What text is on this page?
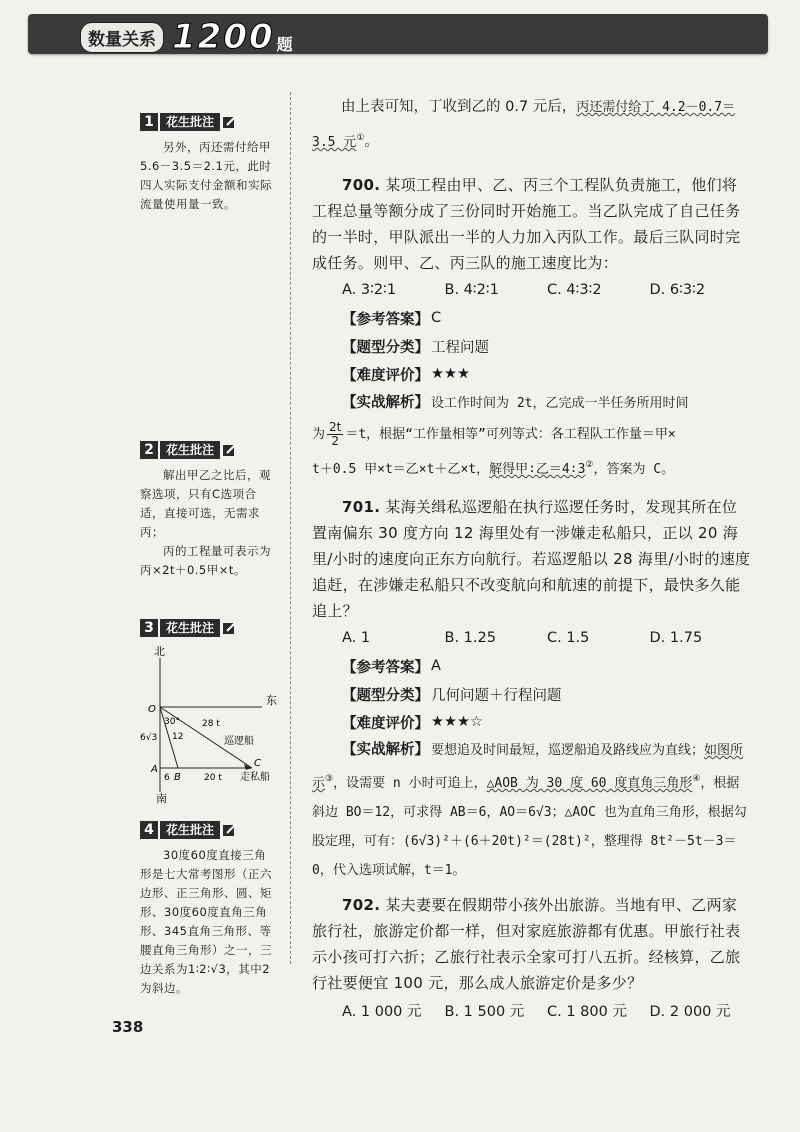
数量关系 1200 题
1	花生批注

另外，丙还需付给甲5.6－3.5＝2.1元，此时四人实际支付金额和实际流量使用量一致。

2	花生批注

解出甲乙之比后，观察选项，只有C选项合适，直接可选，无需求丙；

丙的工程量可表示为丙×2t＋0.5甲×t。

3	花生批注
北
东
南
O
A
B
C
30°
6√3 12
28 t
6	20 t
巡逻船
走私船
4	花生批注

30度60度直接三角形是七大常考图形（正六边形、正三角形、圆、矩形、30度60度直角三角形、345直角三角形、等腰直角三角形）之一，三边关系为1∶2∶√3，其中2为斜边。

由上表可知，丁收到乙的 0.7 元后，丙还需付给丁 4.2－0.7＝3.5 元①。

700. 某项工程由甲、乙、丙三个工程队负责施工，他们将工程总量等额分成了三份同时开始施工。当乙队完成了自己任务的一半时，甲队派出一半的人力加入丙队工作。最后三队同时完成任务。则甲、乙、丙三队的施工速度比为：

A. 3∶2∶1	B. 4∶2∶1	C. 4∶3∶2	D. 6∶3∶2
【参考答案】 C
【题型分类】 工程问题
【难度评价】 ★★★

【实战解析】 设工作时间为 2t，乙完成一半任务所用时间

为 $\frac{2t}{2} =t$，根据“工作量相等”可列等式：各工程队工作量＝甲×

t＋0.5 甲×t＝乙×t＋乙×t，解得甲∶乙＝4∶3②，答案为 C。

701. 某海关缉私巡逻船在执行巡逻任务时，发现其所在位置南偏东 30 度方向 12 海里处有一涉嫌走私船只，正以 20 海里/小时的速度向正东方向航行。若巡逻船以 28 海里/小时的速度追赶，在涉嫌走私船只不改变航向和航速的前提下，最快多久能追上？

A. 1	B. 1.25	C. 1.5	D. 1.75
【参考答案】 A
【题型分类】 几何问题＋行程问题
【难度评价】 ★★★☆

【实战解析】 要想追及时间最短，巡逻船追及路线应为直线；如图所示③，设需要 n 小时可追上，△AOB 为 30 度 60 度直角三角形④，根据斜边 BO＝12，可求得 AB＝6，AO＝6√3；△AOC 也为直角三角形，根据勾股定理，可有：(6√3)²＋(6＋20t)²＝(28t)²，整理得 8t²－5t－3＝0，代入选项试解，t＝1。

702. 某夫妻要在假期带小孩外出旅游。当地有甲、乙两家旅行社，旅游定价都一样，但对家庭旅游都有优惠。甲旅行社表示小孩可打六折；乙旅行社表示全家可打八五折。经核算，乙旅行社要便宜 100 元，那么成人旅游定价是多少？

A. 1 000 元	B. 1 500 元	C. 1 800 元	D. 2 000 元
338
